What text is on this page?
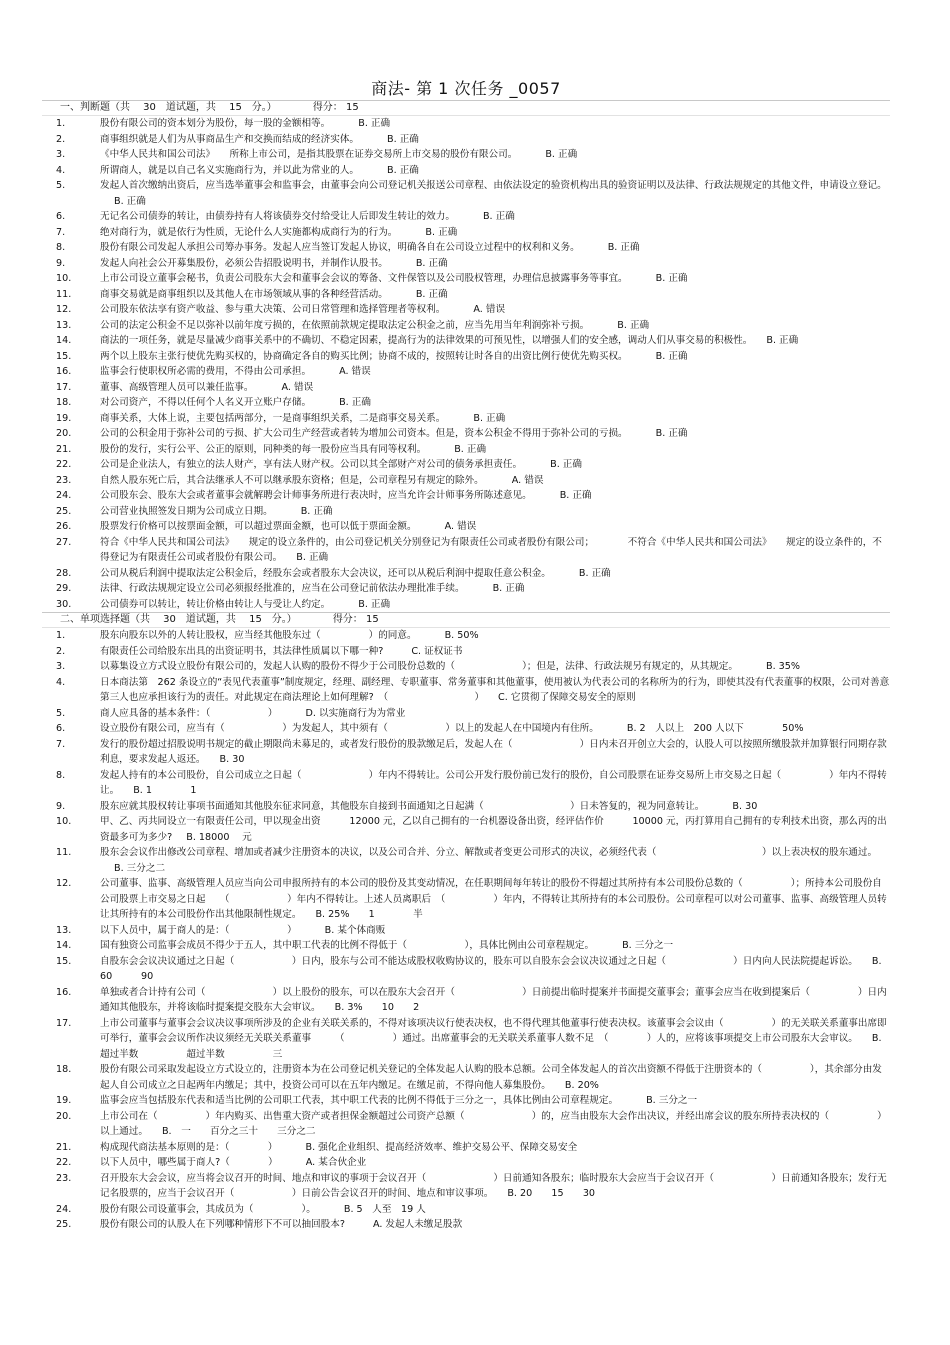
商法- 第 1 次任务 _0057
一、判断题（共　 30　道试题，共　 15　分。）	得分： 15
1.	股份有限公司的资本划分为股份，每一股的金额相等。	B. 正确
2.	商事组织就是人们为从事商品生产和交换而结成的经济实体。	B. 正确
3.	《中华人民共和国公司法》　　所称上市公司，是指其股票在证券交易所上市交易的股份有限公司。	B. 正确
4.	所谓商人，就是以自己名义实施商行为，并以此为常业的人。	B. 正确
5.	发起人首次缴纳出资后，应当选举董事会和监事会，由董事会向公司登记机关报送公司章程、由依法设定的验资机构出具的验资证明以及法律、行政法规规定的其他文件，申请设立登记。B. 正确
6.	无记名公司债券的转让，由债券持有人将该债券交付给受让人后即发生转让的效力。	B. 正确
7.	绝对商行为，就是依行为性质，无论什么人实施都构成商行为的行为。	B. 正确
8.	股份有限公司发起人承担公司筹办事务。发起人应当签订发起人协议，明确各自在公司设立过程中的权利和义务。	B. 正确
9.	发起人向社会公开募集股份，必须公告招股说明书，并制作认股书。	B. 正确
10.	上市公司设立董事会秘书，负责公司股东大会和董事会会议的筹备、文件保管以及公司股权管理，办理信息披露事务等事宜。	B. 正确
11.	商事交易就是商事组织以及其他人在市场领域从事的各种经营活动。	B. 正确
12.	公司股东依法享有资产收益、参与重大决策、公司日常管理和选择管理者等权利。	A. 错误
13.	公司的法定公积金不足以弥补以前年度亏损的，在依照前款规定提取法定公积金之前，应当先用当年利润弥补亏损。	B. 正确
14.	商法的一项任务，就是尽量减少商事关系中的不确切、不稳定因素，提高行为的法律效果的可预见性，以增强人们的安全感，调动人们从事交易的积极性。 B. 正确
15.	两个以上股东主张行使优先购买权的，协商确定各自的购买比例；协商不成的，按照转让时各自的出资比例行使优先购买权。	B. 正确
16.	监事会行使职权所必需的费用，不得由公司承担。	A. 错误
17.	董事、高级管理人员可以兼任监事。	A. 错误
18.	对公司资产，不得以任何个人名义开立账户存储。	B. 正确
19.	商事关系，大体上说，主要包括两部分，一是商事组织关系，二是商事交易关系。	B. 正确
20.	公司的公积金用于弥补公司的亏损、扩大公司生产经营或者转为增加公司资本。但是，资本公积金不得用于弥补公司的亏损。	B. 正确
21.	股份的发行，实行公平、公正的原则，同种类的每一股份应当具有同等权利。	B. 正确
22.	公司是企业法人，有独立的法人财产，享有法人财产权。公司以其全部财产对公司的债务承担责任。	B. 正确
23.	自然人股东死亡后，其合法继承人不可以继承股东资格；但是，公司章程另有规定的除外。	A. 错误
24.	公司股东会、股东大会或者董事会就解聘会计师事务所进行表决时，应当允许会计师事务所陈述意见。	B. 正确
25.	公司营业执照签发日期为公司成立日期。	B. 正确
26.	股票发行价格可以按票面金额，可以超过票面金额，也可以低于票面金额。	A. 错误
27.	符合《中华人民共和国公司法》　　规定的设立条件的，由公司登记机关分别登记为有限责任公司或者股份有限公司；　　　　不符合《中华人民共和国公司法》　　规定的设立条件的，不得登记为有限责任公司或者股份有限公司。 B. 正确
28.	公司从税后利润中提取法定公积金后，经股东会或者股东大会决议，还可以从税后利润中提取任意公积金。	B. 正确
29.	法律、行政法规规定设立公司必须报经批准的，应当在公司登记前依法办理批准手续。	B. 正确
30.	公司债券可以转让，转让价格由转让人与受让人约定。	B. 正确
二、单项选择题（共　 30　道试题，共　 15　分。）	得分： 15
1.	股东向股东以外的人转让股权，应当经其他股东过（　　　　　）的同意。	B. 50%
2.	有限责任公司给股东出具的出资证明书，其法律性质属以下哪一种?	C. 证权证书
3.	以募集设立方式设立股份有限公司的，发起人认购的股份不得少于公司股份总数的（　　　　　　　）；但是，法律、行政法规另有规定的，从其规定。	B. 35%
4.	日本商法第　262 条设立的“表见代表董事”制度规定，经理、副经理、专职董事、常务董事和其他董事，使用被认为代表公司的名称所为的行为，即使其没有代表董事的权限，公司对善意第三人也应承担该行为的责任。对此规定在商法理论上如何理解?　（　　　　　　　　　） C. 它贯彻了保障交易安全的原则
5.	商人应具备的基本条件：（　　　　　　）	D. 以实施商行为为常业
6.	设立股份有限公司，应当有（　　　　　　）为发起人，其中须有（　　　　　　）以上的发起人在中国境内有住所。	B. 2　人以上　200 人以下　　　　50%
7.	发行的股份超过招股说明书规定的截止期限尚未募足的，或者发行股份的股款缴足后，发起人在（　　　　　　　）日内未召开创立大会的，认股人可以按照所缴股款并加算银行同期存款利息，要求发起人返还。 B. 30
8.	发起人持有的本公司股份，自公司成立之日起（　　　　　　　）年内不得转让。公司公开发行股份前已发行的股份，自公司股票在证券交易所上市交易之日起（　　　　　）年内不得转让。 B. 1　　　　1
9.	股东应就其股权转让事项书面通知其他股东征求同意，其他股东自接到书面通知之日起满（　　　　　　　　　）日未答复的，视为同意转让。	B. 30
10.	甲、乙、丙共同设立一有限责任公司，甲以现金出资　　　12000 元，乙以自己拥有的一台机器设备出资，经评估作价　　　10000 元，丙打算用自己拥有的专利技术出资，那么丙的出资最多可为多少? B. 18000　 元
11.	股东会会议作出修改公司章程、增加或者减少注册资本的决议，以及公司合并、分立、解散或者变更公司形式的决议，必须经代表（　　　　　　　　　　　）以上表决权的股东通过。B. 三分之二
12.	公司董事、监事、高级管理人员应当向公司申报所持有的本公司的股份及其变动情况，在任职期间每年转让的股份不得超过其所持有本公司股份总数的（　　　　　）；所持本公司股份自公司股票上市交易之日起　　（　　　　　　）年内不得转让。上述人员离职后　（　　　　　）年内，不得转让其所持有的本公司股份。公司章程可以对公司董事、监事、高级管理人员转让其所持有的本公司股份作出其他限制性规定。 B. 25%　　1　　　　半
13.	以下人员中，属于商人的是：（　　　　　　）	B. 某个体商贩
14.	国有独资公司监事会成员不得少于五人，其中职工代表的比例不得低于（　　　　　　），具体比例由公司章程规定。	B. 三分之一
15.	自股东会会议决议通过之日起（　　　　　　）日内，股东与公司不能达成股权收购协议的，股东可以自股东会会议决议通过之日起（　　　　　　　）日内向人民法院提起诉讼。 B. 60　　　90
16.	单独或者合计持有公司（　　　　　　　）以上股份的股东，可以在股东大会召开（　　　　　　　）日前提出临时提案并书面提交董事会；董事会应当在收到提案后（　　　　　）日内通知其他股东，并将该临时提案提交股东大会审议。 B. 3%　　10　　2
17.	上市公司董事与董事会会议决议事项所涉及的企业有关联关系的，不得对该项决议行使表决权，也不得代理其他董事行使表决权。该董事会会议由（　　　　　）的无关联关系董事出席即可举行，董事会会议所作决议须经无关联关系董事　　　（　　　　　）通过。出席董事会的无关联关系董事人数不足　（　　　　）人的，应将该事项提交上市公司股东大会审议。 B. 超过半数　　　　　超过半数　　　　　三
18.	股份有限公司采取发起设立方式设立的，注册资本为在公司登记机关登记的全体发起人认购的股本总额。公司全体发起人的首次出资额不得低于注册资本的（　　　　　），其余部分由发起人自公司成立之日起两年内缴足；其中，投资公司可以在五年内缴足。在缴足前，不得向他人募集股份。 B. 20%
19.	监事会应当包括股东代表和适当比例的公司职工代表，其中职工代表的比例不得低于三分之一，具体比例由公司章程规定。	B. 三分之一
20.	上市公司在（　　　　　）年内购买、出售重大资产或者担保金额超过公司资产总额（　　　　　　　）的，应当由股东大会作出决议，并经出席会议的股东所持表决权的（　　　　　）以上通过。 B.　一　　百分之三十　　三分之二
21.	构成现代商法基本原则的是：（　　　　）	B. 强化企业组织、提高经济效率、维护交易公平、保障交易安全
22.	以下人员中，哪些属于商人?（　　　　）	A. 某合伙企业
23.	召开股东大会会议，应当将会议召开的时间、地点和审议的事项于会议召开（　　　　　　　）日前通知各股东；临时股东大会应当于会议召开（　　　　　　）日前通知各股东；发行无记名股票的，应当于会议召开（　　　　　　）日前公告会议召开的时间、地点和审议事项。 B. 20　　15　　30
24.	股份有限公司设董事会，其成员为（　　　　　）。	B. 5　人至　19 人
25.	股份有限公司的认股人在下列哪种情形下不可以抽回股本?	A. 发起人未缴足股款
